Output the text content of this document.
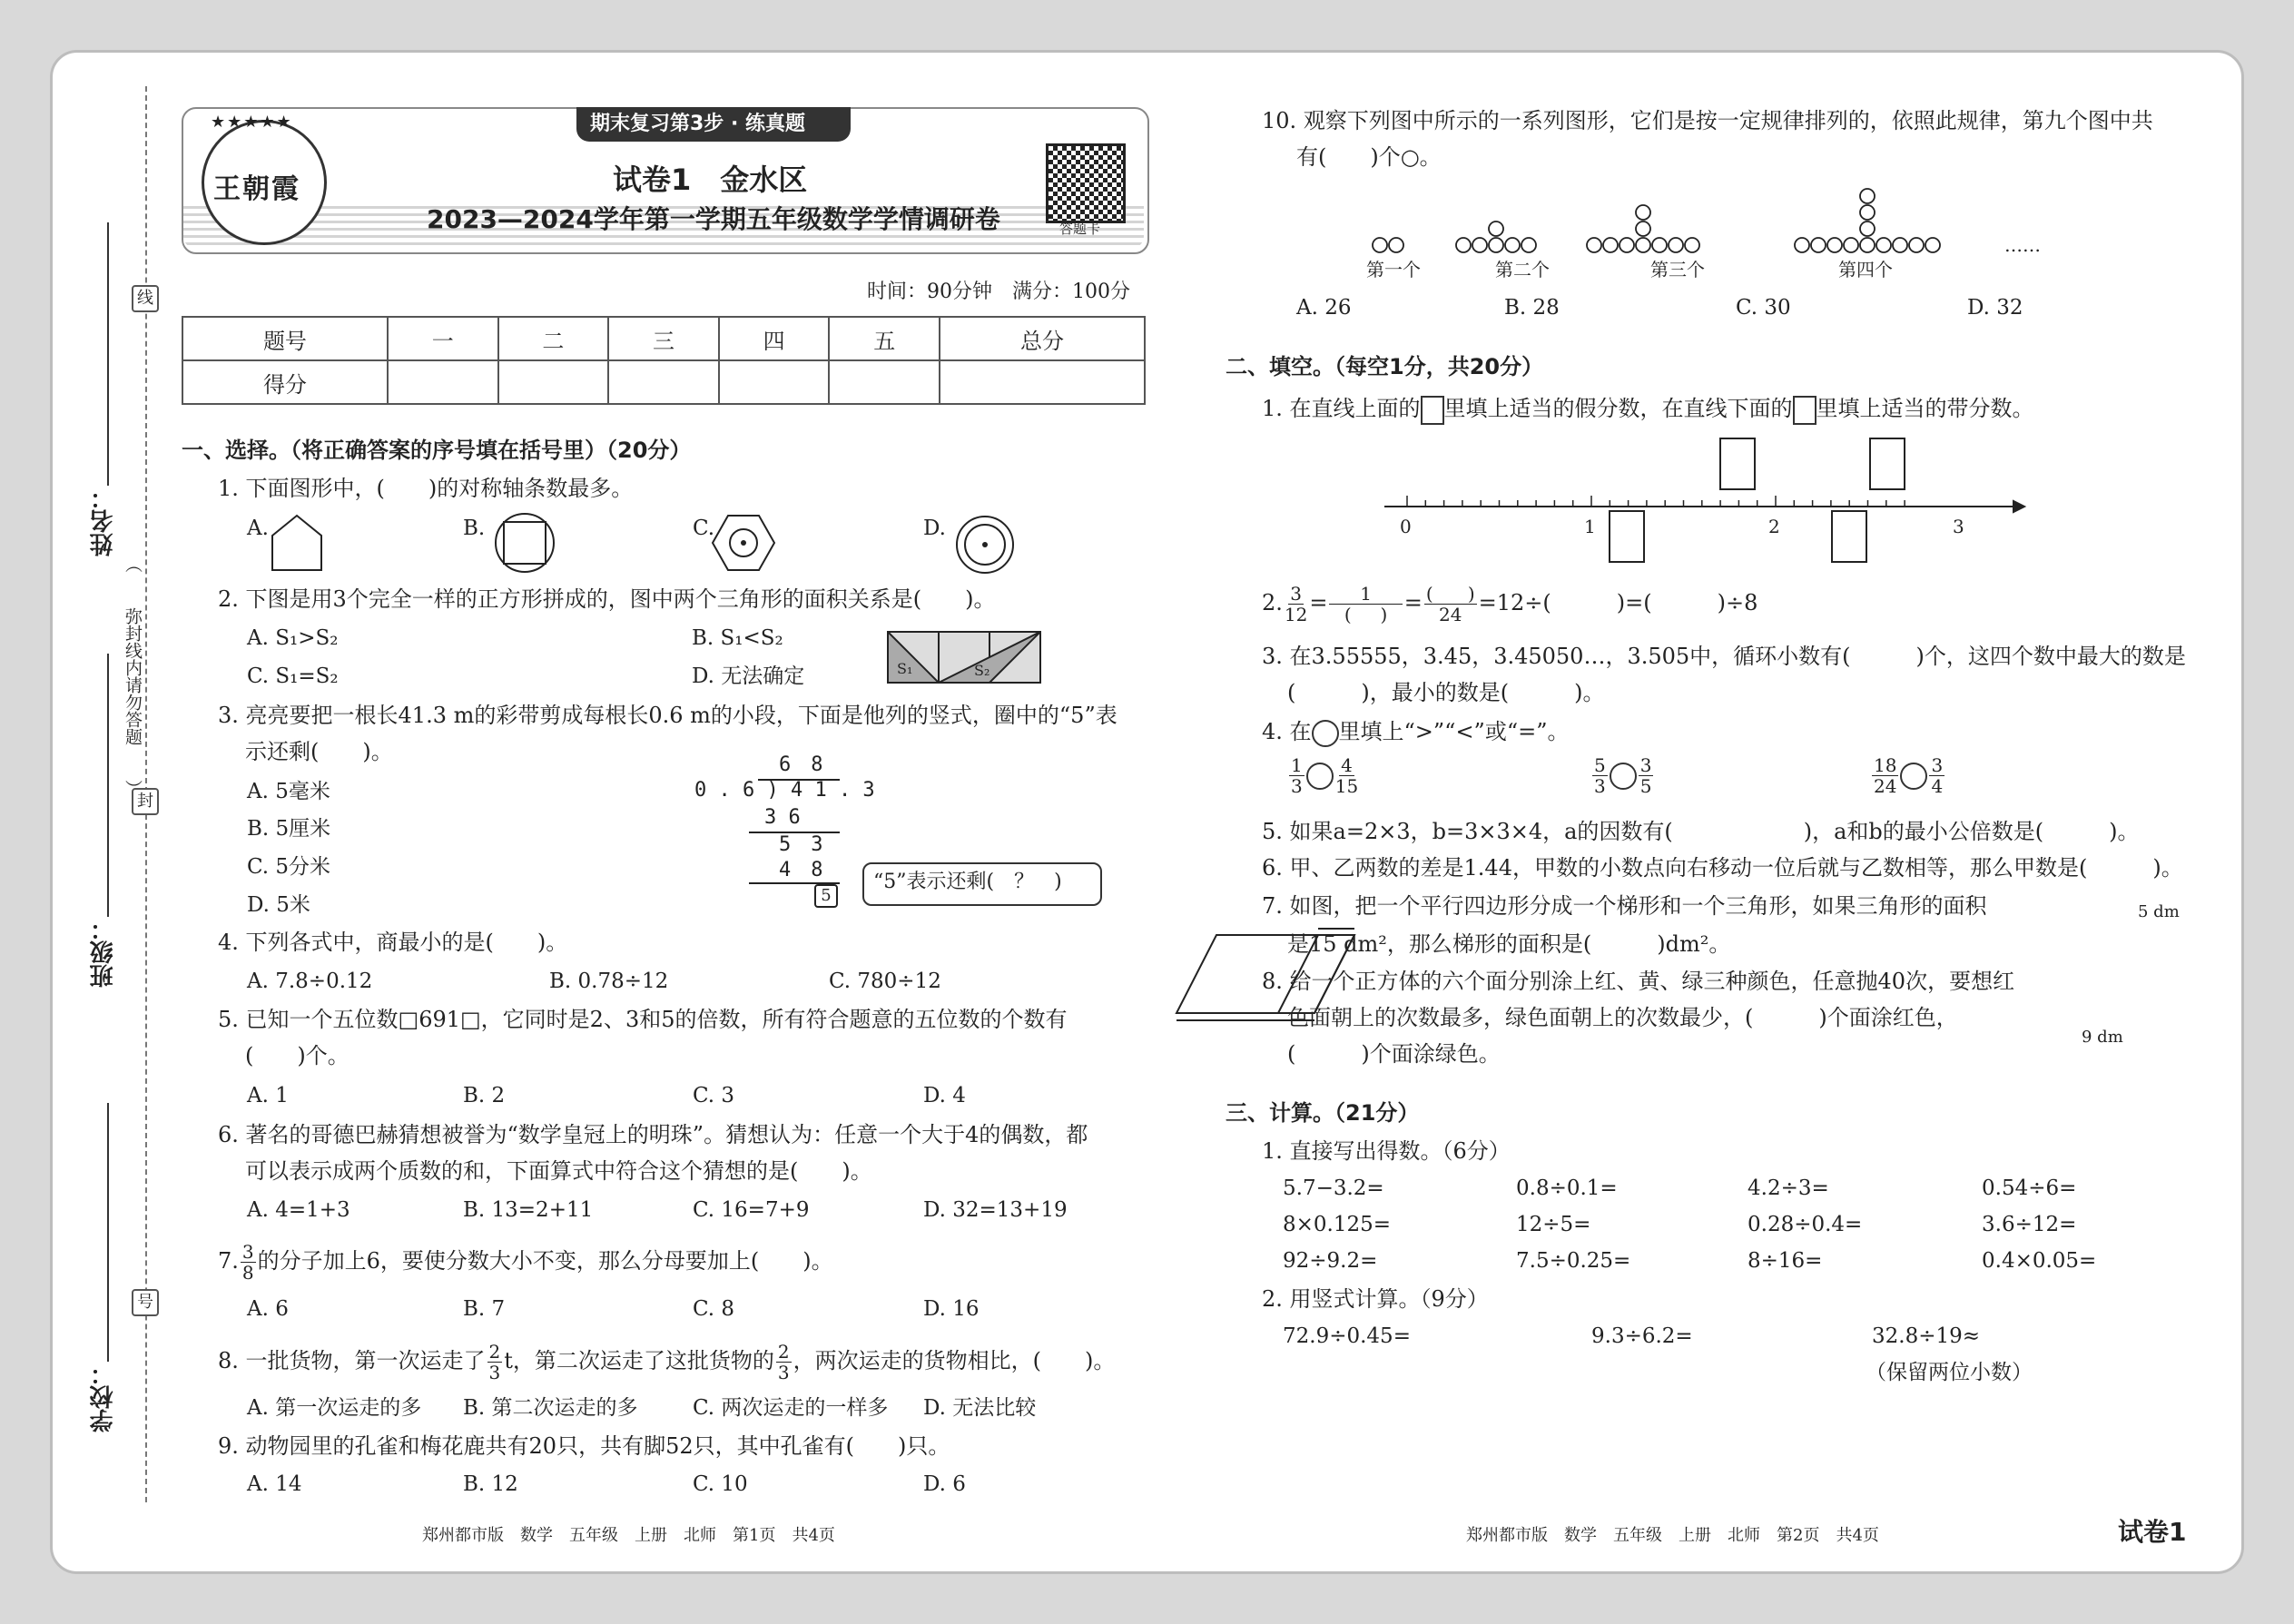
线
封
号
姓名：
班级：
学校：
（　　弥封线内请勿答题　　）
期末复习第3步 · 练真题
王朝霞
★★★★★
试卷1　金水区
2023—2024学年第一学期五年级数学学情调研卷	答题卡
时间：90分钟　满分：100分
题号	一	二	三	四	五	总分
得分						
一、选择。（将正确答案的序号填在括号里）（20分）
1. 下面图形中，(　　)的对称轴条数最多。
A.	B.	C.	D.
2. 下图是用3个完全一样的正方形拼成的，图中两个三角形的面积关系是(　　)。
A. S₁>S₂	B. S₁<S₂
C. S₁=S₂	D. 无法确定	S₁	S₂
3. 亮亮要把一根长41.3 m的彩带剪成每根长0.6 m的小段，下面是他列的竖式，圈中的“5”表
示还剩(　　)。
A. 5毫米
B. 5厘米
C. 5分米
D. 5米
6　8
0 . 6 ) 4 1 . 3
3 6
5　3
4　8
5
“5”表示还剩(　？　)
4. 下列各式中，商最小的是(　　)。
A. 7.8÷0.12	B. 0.78÷12	C. 780÷12
5. 已知一个五位数□691□，它同时是2、3和5的倍数，所有符合题意的五位数的个数有
(　　)个。
A. 1	B. 2	C. 3	D. 4
6. 著名的哥德巴赫猜想被誉为“数学皇冠上的明珠”。猜想认为：任意一个大于4的偶数，都
可以表示成两个质数的和，下面算式中符合这个猜想的是(　　)。
A. 4=1+3	B. 13=2+11	C. 16=7+9	D. 32=13+19
7. $\frac{3}{8}$ 的分子加上6，要使分数大小不变，那么分母要加上(　　)。
A. 6	B. 7	C. 8	D. 16
8. 一批货物，第一次运走了 $\frac{2}{3}$ t，第二次运走了这批货物的 $\frac{2}{3}$ ，两次运走的货物相比，(　　)。
A. 第一次运走的多 B. 第二次运走的多	C. 两次运走的一样多 D. 无法比较
9. 动物园里的孔雀和梅花鹿共有20只，共有脚52只，其中孔雀有(　　)只。
A. 14	B. 12	C. 10	D. 6
郑州都市版　数学　五年级　上册　北师　第1页　共4页
10. 观察下列图中所示的一系列图形，它们是按一定规律排列的，依照此规律，第九个图中共
有(　　)个○。
第一个	第二个	第三个	第四个
……
A. 26	B. 28	C. 30	D. 32
二、填空。（每空1分，共20分）
1. 在直线上面的 里填上适当的假分数，在直线下面的 里填上适当的带分数。
0	1	2	3
2. $\frac{3}{12} = \frac{1}{( )} = \frac{( )}{24} =12\div$(　　　)=(　　　)÷8
3. 在3.55555，3.45，3.45050…，3.505中，循环小数有(　　　)个，这四个数中最大的数是
(　　　)，最小的数是(　　　)。
4. 在 里填上“>”“<”或“=”。
$\frac{1}{3} \frac{4}{15}$	$\frac{5}{3} \frac{3}{5}$	$\frac{18}{24} \frac{3}{4}$
5. 如果a=2×3，b=3×3×4，a的因数有(　　　　　　)，a和b的最小公倍数是(　　　)。
6. 甲、乙两数的差是1.44，甲数的小数点向右移动一位后就与乙数相等，那么甲数是(　　　)。
7. 如图，把一个平行四边形分成一个梯形和一个三角形，如果三角形的面积
是15 dm²，那么梯形的面积是(　　　)dm²。
5 dm
9 dm
8. 给一个正方体的六个面分别涂上红、黄、绿三种颜色，任意抛40次，要想红
色面朝上的次数最多，绿色面朝上的次数最少，(　　　)个面涂红色，
(　　　)个面涂绿色。
三、计算。（21分）
1. 直接写出得数。（6分）
5.7−3.2=	0.8÷0.1=	4.2÷3=	0.54÷6=
8×0.125=	12÷5=	0.28÷0.4=	3.6÷12=
92÷9.2=	7.5÷0.25=	8÷16=	0.4×0.05=
2. 用竖式计算。（9分）
72.9÷0.45=	9.3÷6.2=	32.8÷19≈
（保留两位小数）
郑州都市版　数学　五年级　上册　北师　第2页　共4页	试卷1
